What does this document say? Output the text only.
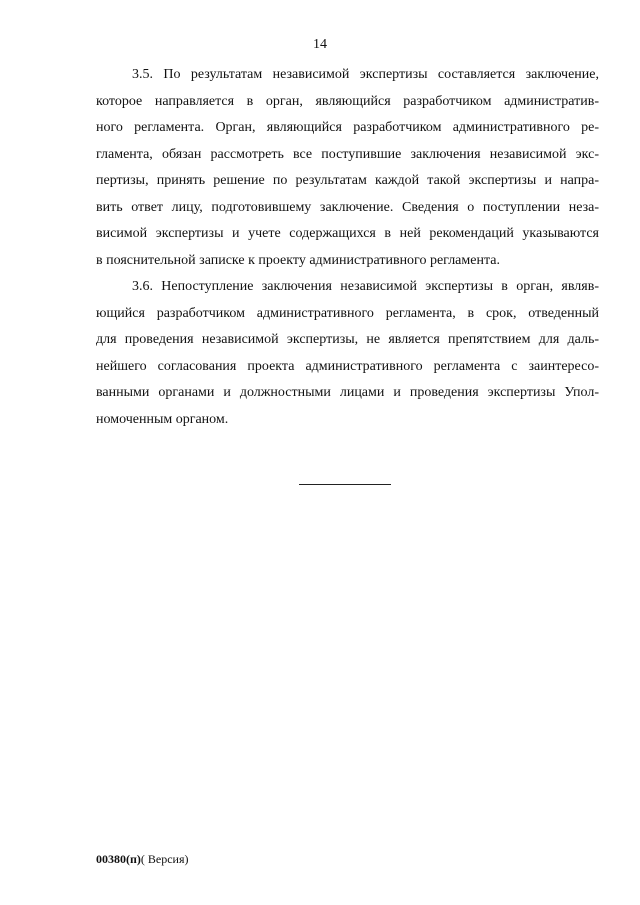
14

3.5. По результатам независимой экспертизы составляется заключение,
которое направляется в орган, являющийся разработчиком административ-
ного регламента. Орган, являющийся разработчиком административного ре-
гламента, обязан рассмотреть все поступившие заключения независимой экс-
пертизы, принять решение по результатам каждой такой экспертизы и напра-
вить ответ лицу, подготовившему заключение. Сведения о поступлении неза-
висимой экспертизы и учете содержащихся в ней рекомендаций указываются
в пояснительной записке к проекту административного регламента.

3.6. Непоступление заключения независимой экспертизы в орган, являв-
ющийся разработчиком административного регламента, в срок, отведенный
для проведения независимой экспертизы, не является препятствием для даль-
нейшего согласования проекта административного регламента с заинтересо-
ванными органами и должностными лицами и проведения экспертизы Упол-
номоченным органом.

00380(п)( Версия)
